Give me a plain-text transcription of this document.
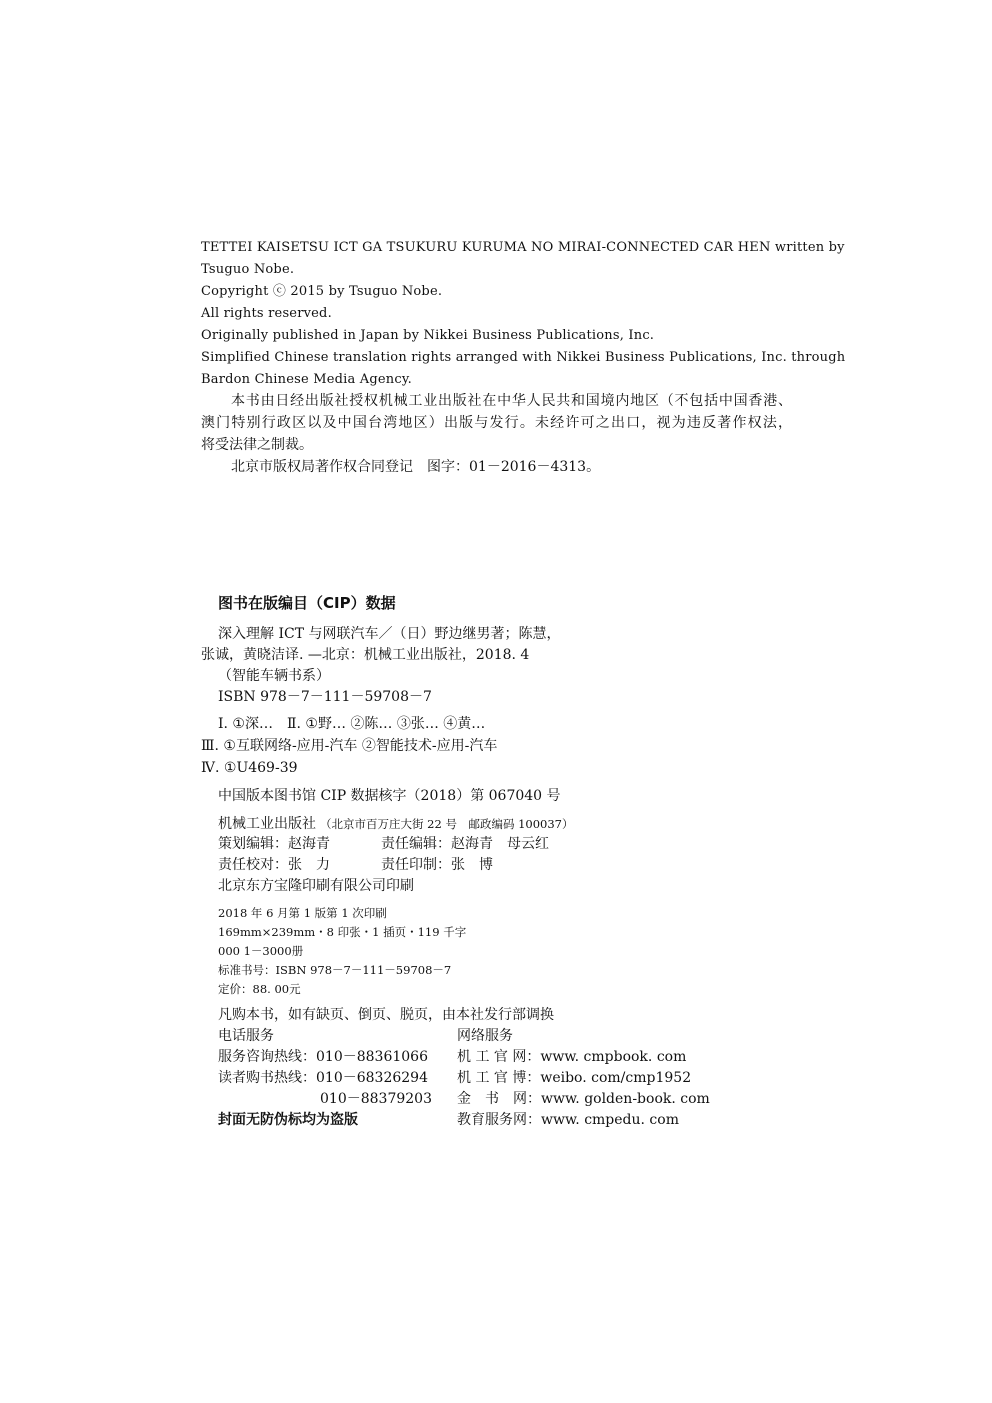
TETTEI KAISETSU ICT GA TSUKURU KURUMA NO MIRAI-CONNECTED CAR HEN written by
Tsuguo Nobe.
Copyright ⓒ 2015 by Tsuguo Nobe.
All rights reserved.
Originally published in Japan by Nikkei Business Publications, Inc.
Simplified Chinese translation rights arranged with Nikkei Business Publications, Inc. through
Bardon Chinese Media Agency.
本书由日经出版社授权机械工业出版社在中华人民共和国境内地区（不包括中国香港、
澳门特别行政区以及中国台湾地区）出版与发行。未经许可之出口，视为违反著作权法，
将受法律之制裁。
北京市版权局著作权合同登记　图字：01－2016－4313。
图书在版编目（CIP）数据
深入理解 ICT 与网联汽车／（日）野边继男著；陈慧，
张诚，黄晓洁译. —北京：机械工业出版社，2018. 4
（智能车辆书系）
ISBN 978－7－111－59708－7
Ⅰ. ①深…　Ⅱ. ①野… ②陈… ③张… ④黄…
Ⅲ. ①互联网络-应用-汽车 ②智能技术-应用-汽车
Ⅳ. ①U469-39
中国版本图书馆 CIP 数据核字（2018）第 067040 号
机械工业出版社 （北京市百万庄大街 22 号　邮政编码 100037）
策划编辑：赵海青	责任编辑：赵海青　母云红
责任校对：张　力	责任印制：张　博
北京东方宝隆印刷有限公司印刷
2018 年 6 月第 1 版第 1 次印刷
169mm×239mm・8 印张・1 插页・119 千字
000 1－3000册
标准书号：ISBN 978－7－111－59708－7
定价：88. 00元
凡购本书，如有缺页、倒页、脱页，由本社发行部调换
电话服务	网络服务
服务咨询热线：010－88361066 机 工 官 网：www. cmpbook. com
读者购书热线：010－68326294 机 工 官 博：weibo. com/cmp1952
010－88379203 金　书　网：www. golden-book. com
封面无防伪标均为盗版	教育服务网：www. cmpedu. com
